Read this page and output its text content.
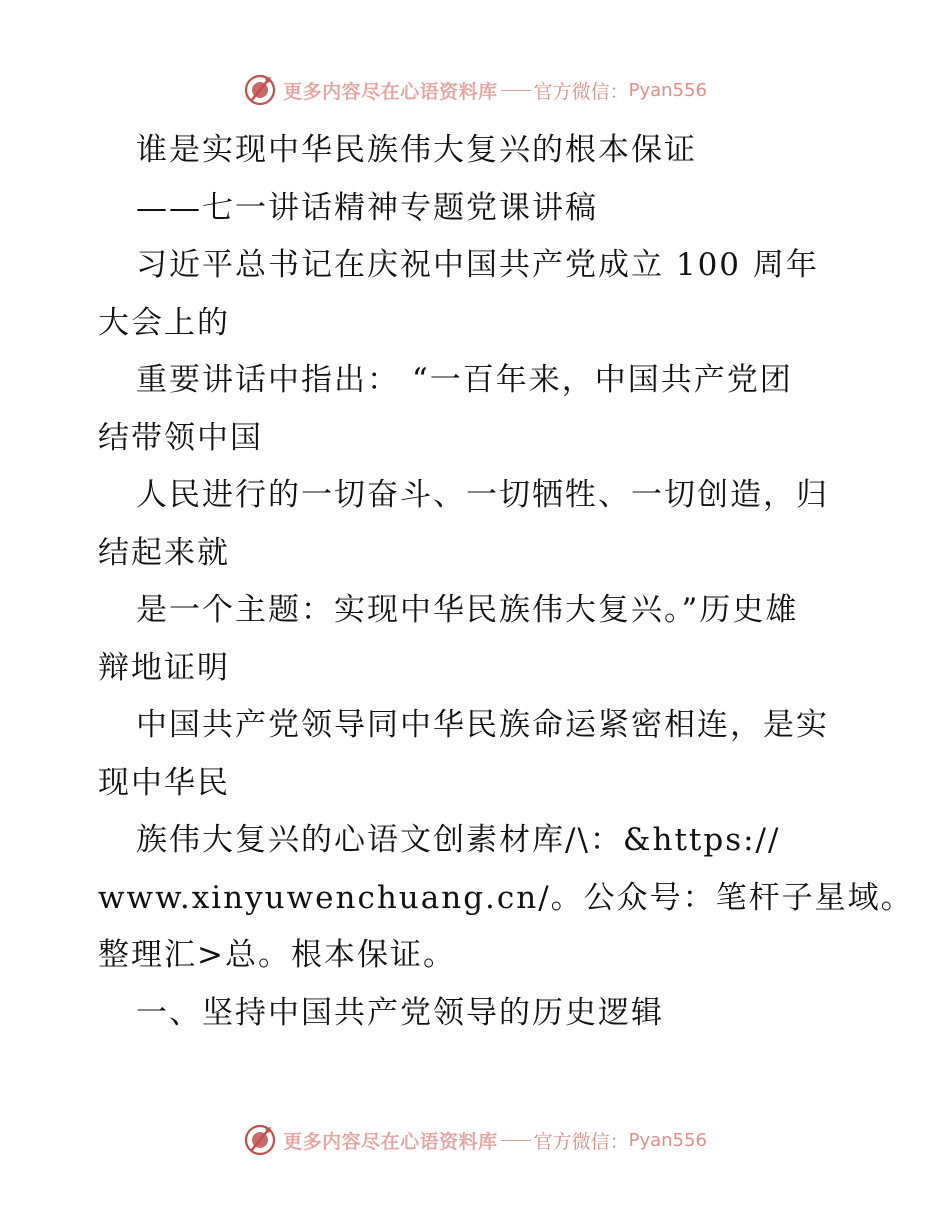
更多内容尽在心语资料库 官方微信： Pyan556
谁是实现中华民族伟大复兴的根本保证
——七一讲话精神专题党课讲稿
习近平总书记在庆祝中国共产党成立 100 周年
大会上的
重要讲话中指出： “一百年来，中国共产党团
结带领中国
人民进行的一切奋斗、一切牺牲、一切创造，归
结起来就
是一个主题：实现中华民族伟大复兴。”历史雄
辩地证明
中国共产党领导同中华民族命运紧密相连，是实
现中华民
族伟大复兴的心语文创素材库/\：&https://
www.xinyuwenchuang.cn/。公众号：笔杆子星域。
整理汇>总。根本保证。
一、坚持中国共产党领导的历史逻辑
更多内容尽在心语资料库 官方微信： Pyan556
